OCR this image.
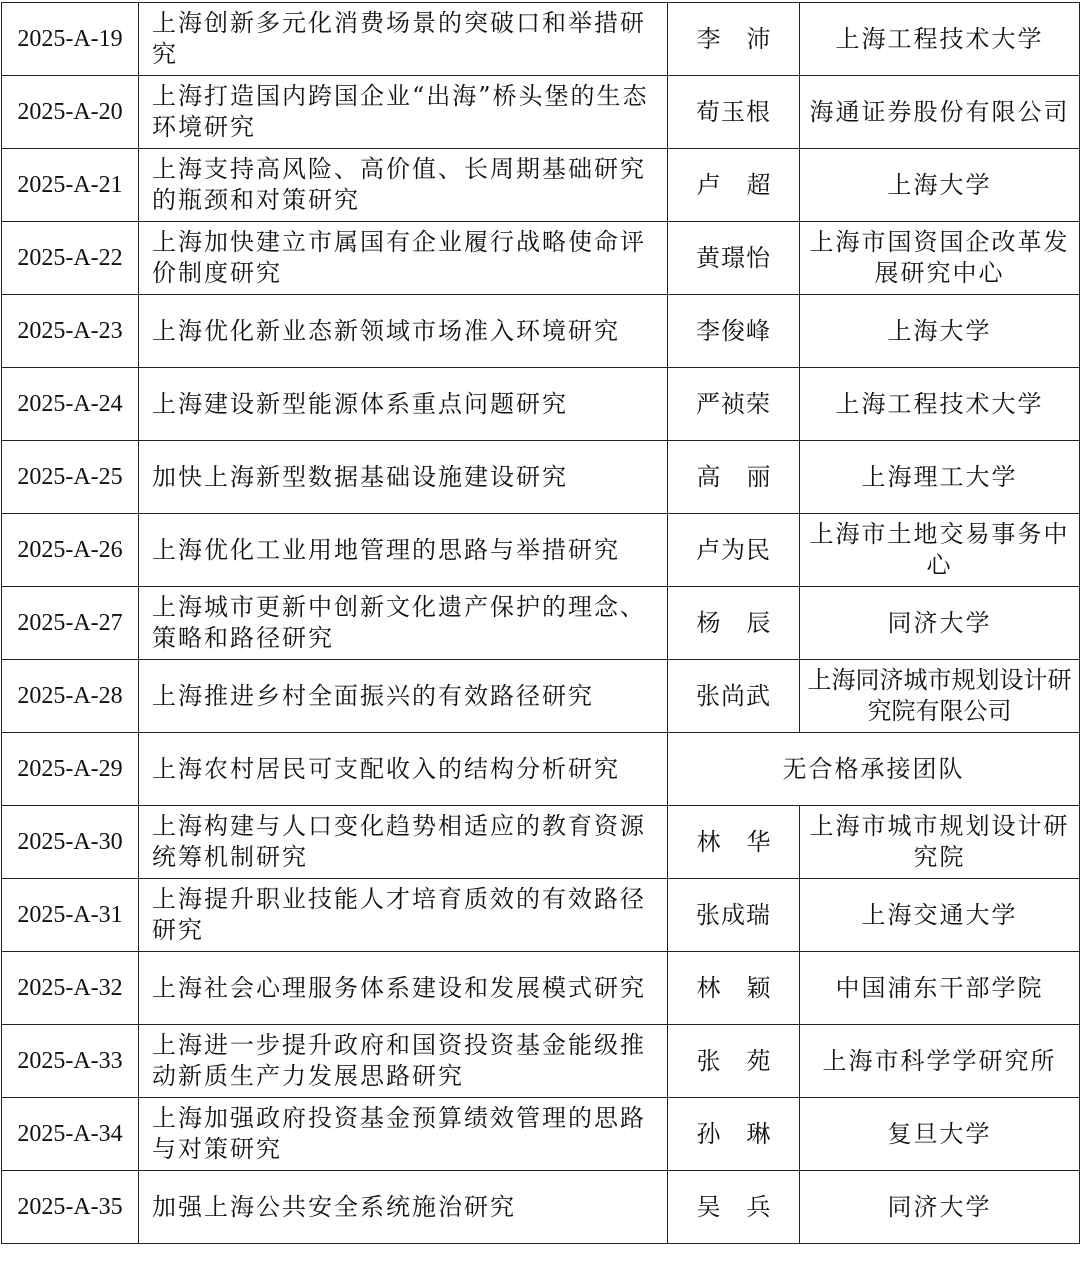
2025-A-19	上海创新多元化消费场景的突破口和举措研究	李沛	上海工程技术大学
2025-A-20	上海打造国内跨国企业“出海”桥头堡的生态环境研究	荀玉根	海通证券股份有限公司
2025-A-21	上海支持高风险、高价值、长周期基础研究的瓶颈和对策研究	卢超	上海大学
2025-A-22	上海加快建立市属国有企业履行战略使命评价制度研究	黄璟怡	上海市国资国企改革发展研究中心
2025-A-23	上海优化新业态新领域市场准入环境研究	李俊峰	上海大学
2025-A-24	上海建设新型能源体系重点问题研究	严祯荣	上海工程技术大学
2025-A-25	加快上海新型数据基础设施建设研究	高丽	上海理工大学
2025-A-26	上海优化工业用地管理的思路与举措研究	卢为民	上海市土地交易事务中心
2025-A-27	上海城市更新中创新文化遗产保护的理念、策略和路径研究	杨辰	同济大学
2025-A-28	上海推进乡村全面振兴的有效路径研究	张尚武	上海同济城市规划设计研究院有限公司
2025-A-29	上海农村居民可支配收入的结构分析研究	无合格承接团队	
2025-A-30	上海构建与人口变化趋势相适应的教育资源统筹机制研究	林华	上海市城市规划设计研究院
2025-A-31	上海提升职业技能人才培育质效的有效路径研究	张成瑞	上海交通大学
2025-A-32	上海社会心理服务体系建设和发展模式研究	林颖	中国浦东干部学院
2025-A-33	上海进一步提升政府和国资投资基金能级推动新质生产力发展思路研究	张苑	上海市科学学研究所
2025-A-34	上海加强政府投资基金预算绩效管理的思路与对策研究	孙琳	复旦大学
2025-A-35	加强上海公共安全系统施治研究	吴兵	同济大学
